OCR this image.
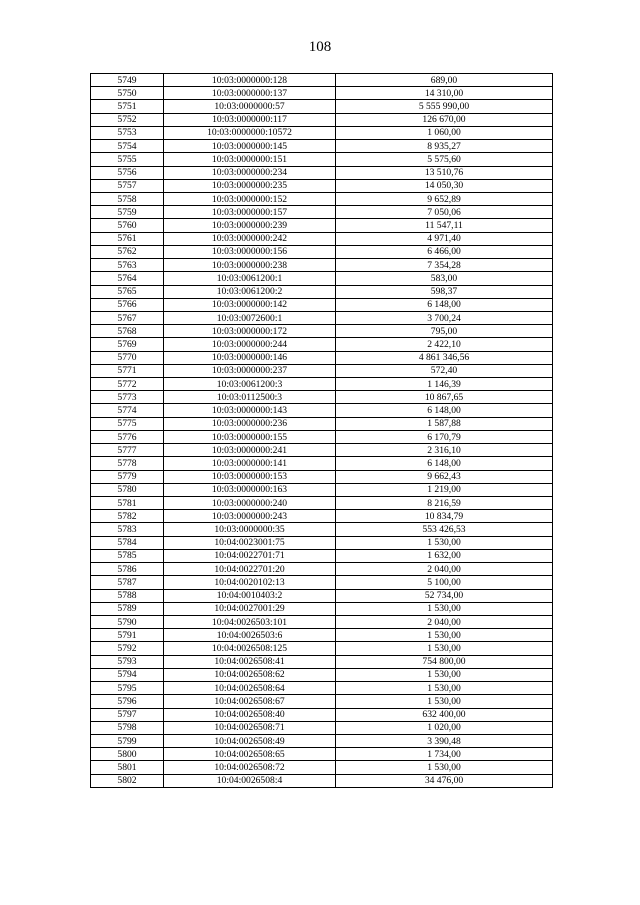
108
5749	10:03:0000000:128	689,00
5750	10:03:0000000:137	14 310,00
5751	10:03:0000000:57	5 555 990,00
5752	10:03:0000000:117	126 670,00
5753	10:03:0000000:10572	1 060,00
5754	10:03:0000000:145	8 935,27
5755	10:03:0000000:151	5 575,60
5756	10:03:0000000:234	13 510,76
5757	10:03:0000000:235	14 050,30
5758	10:03:0000000:152	9 652,89
5759	10:03:0000000:157	7 050,06
5760	10:03:0000000:239	11 547,11
5761	10:03:0000000:242	4 971,40
5762	10:03:0000000:156	6 466,00
5763	10:03:0000000:238	7 354,28
5764	10:03:0061200:1	583,00
5765	10:03:0061200:2	598,37
5766	10:03:0000000:142	6 148,00
5767	10:03:0072600:1	3 700,24
5768	10:03:0000000:172	795,00
5769	10:03:0000000:244	2 422,10
5770	10:03:0000000:146	4 861 346,56
5771	10:03:0000000:237	572,40
5772	10:03:0061200:3	1 146,39
5773	10:03:0112500:3	10 867,65
5774	10:03:0000000:143	6 148,00
5775	10:03:0000000:236	1 587,88
5776	10:03:0000000:155	6 170,79
5777	10:03:0000000:241	2 316,10
5778	10:03:0000000:141	6 148,00
5779	10:03:0000000:153	9 662,43
5780	10:03:0000000:163	1 219,00
5781	10:03:0000000:240	8 216,59
5782	10:03:0000000:243	10 834,79
5783	10:03:0000000:35	553 426,53
5784	10:04:0023001:75	1 530,00
5785	10:04:0022701:71	1 632,00
5786	10:04:0022701:20	2 040,00
5787	10:04:0020102:13	5 100,00
5788	10:04:0010403:2	52 734,00
5789	10:04:0027001:29	1 530,00
5790	10:04:0026503:101	2 040,00
5791	10:04:0026503:6	1 530,00
5792	10:04:0026508:125	1 530,00
5793	10:04:0026508:41	754 800,00
5794	10:04:0026508:62	1 530,00
5795	10:04:0026508:64	1 530,00
5796	10:04:0026508:67	1 530,00
5797	10:04:0026508:40	632 400,00
5798	10:04:0026508:71	1 020,00
5799	10:04:0026508:49	3 390,48
5800	10:04:0026508:65	1 734,00
5801	10:04:0026508:72	1 530,00
5802	10:04:0026508:4	34 476,00
